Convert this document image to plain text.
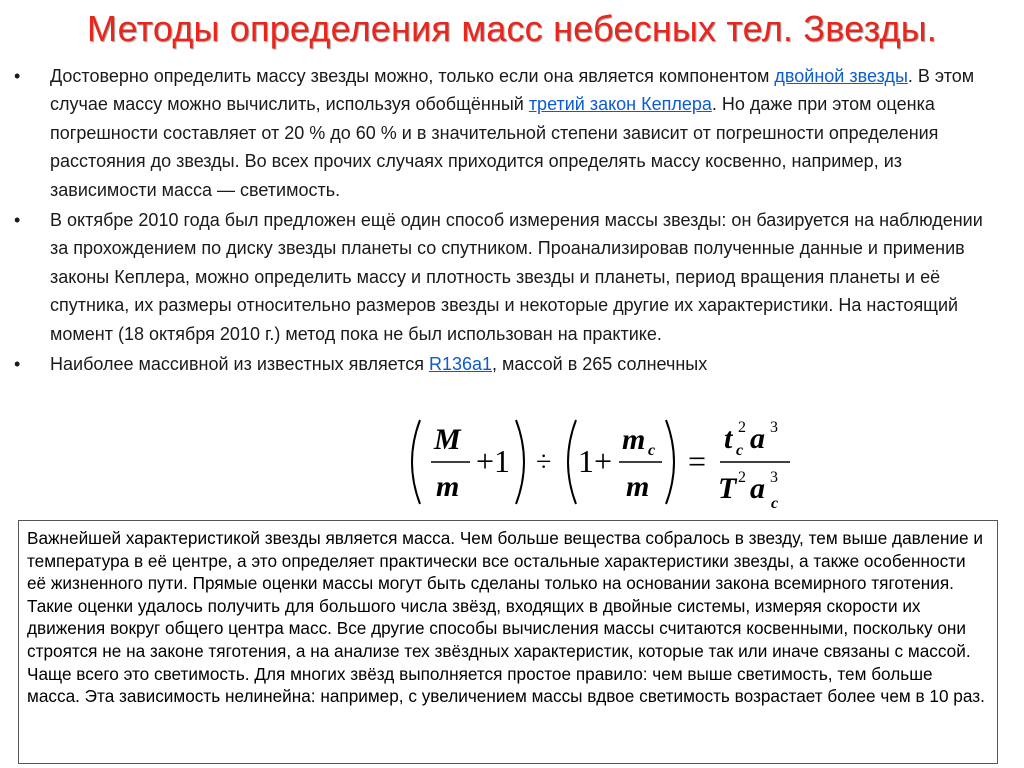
Методы определения масс небесных тел. Звезды.
• Достоверно определить массу звезды можно, только если она является компонентом двойной звезды. В этом случае массу можно вычислить, используя обобщённый третий закон Кеплера. Но даже при этом оценка погрешности составляет от 20 % до 60 % и в значительной степени зависит от погрешности определения расстояния до звезды. Во всех прочих случаях приходится определять массу косвенно, например, из зависимости масса — светимость.
• В октябре 2010 года был предложен ещё один способ измерения массы звезды: он базируется на наблюдении за прохождением по диску звезды планеты со спутником. Проанализировав полученные данные и применив законы Кеплера, можно определить массу и плотность звезды и планеты, период вращения планеты и её спутника, их размеры относительно размеров звезды и некоторые другие их характеристики. На настоящий момент (18 октября 2010 г.) метод пока не был использован на практике.
• Наиболее массивной из известных является R136a1, массой в 265 солнечных
M
m
+1 ÷ 1+
m c
m
=
t c
2 a 3
T 2 a 3
c
Важнейшей характеристикой звезды является масса. Чем больше вещества собралось в звезду, тем выше давление и температура в её центре, а это определяет практически все остальные характеристики звезды, а также особенности её жизненного пути. Прямые оценки массы могут быть сделаны только на основании закона всемирного тяготения. Такие оценки удалось получить для большого числа звёзд, входящих в двойные системы, измеряя скорости их движения вокруг общего центра масс. Все другие способы вычисления массы считаются косвенными, поскольку они строятся не на законе тяготения, а на анализе тех звёздных характеристик, которые так или иначе связаны с массой. Чаще всего это светимость. Для многих звёзд выполняется простое правило: чем выше светимость, тем больше масса. Эта зависимость нелинейна: например, с увеличением массы вдвое светимость возрастает более чем в 10 раз.
